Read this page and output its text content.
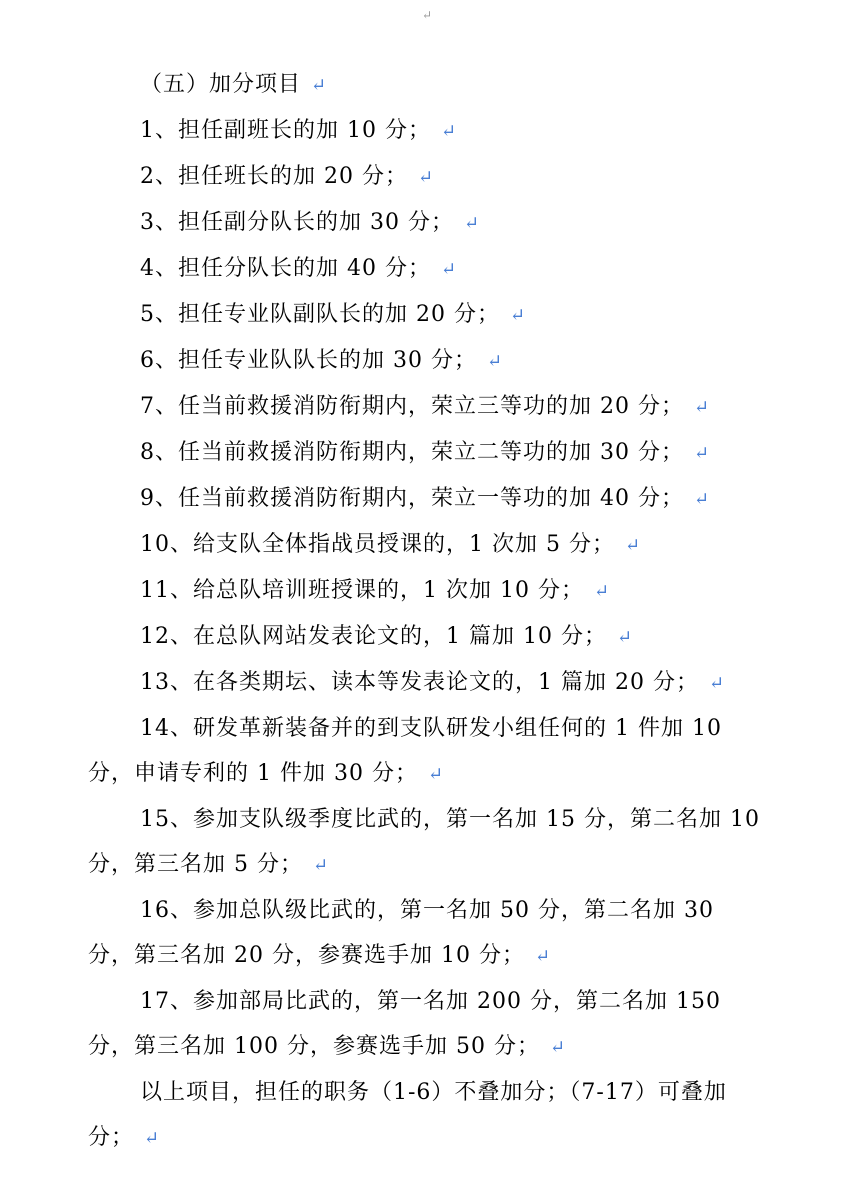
↵
（五）加分项目 ↵
1、担任副班长的加 10 分； ↵
2、担任班长的加 20 分； ↵
3、担任副分队长的加 30 分； ↵
4、担任分队长的加 40 分； ↵
5、担任专业队副队长的加 20 分； ↵
6、担任专业队队长的加 30 分； ↵
7、任当前救援消防衔期内，荣立三等功的加 20 分； ↵
8、任当前救援消防衔期内，荣立二等功的加 30 分； ↵
9、任当前救援消防衔期内，荣立一等功的加 40 分； ↵
10、给支队全体指战员授课的，1 次加 5 分； ↵
11、给总队培训班授课的，1 次加 10 分； ↵
12、在总队网站发表论文的，1 篇加 10 分； ↵
13、在各类期坛、读本等发表论文的，1 篇加 20 分； ↵
14、研发革新装备并的到支队研发小组任何的 1 件加 10 分，申请专利的 1 件加 30 分； ↵
15、参加支队级季度比武的，第一名加 15 分，第二名加 10 分，第三名加 5 分； ↵
16、参加总队级比武的，第一名加 50 分，第二名加 30 分，第三名加 20 分，参赛选手加 10 分； ↵
17、参加部局比武的，第一名加 200 分，第二名加 150 分，第三名加 100 分，参赛选手加 50 分； ↵
以上项目，担任的职务（1-6）不叠加分；（7-17）可叠加分； ↵
